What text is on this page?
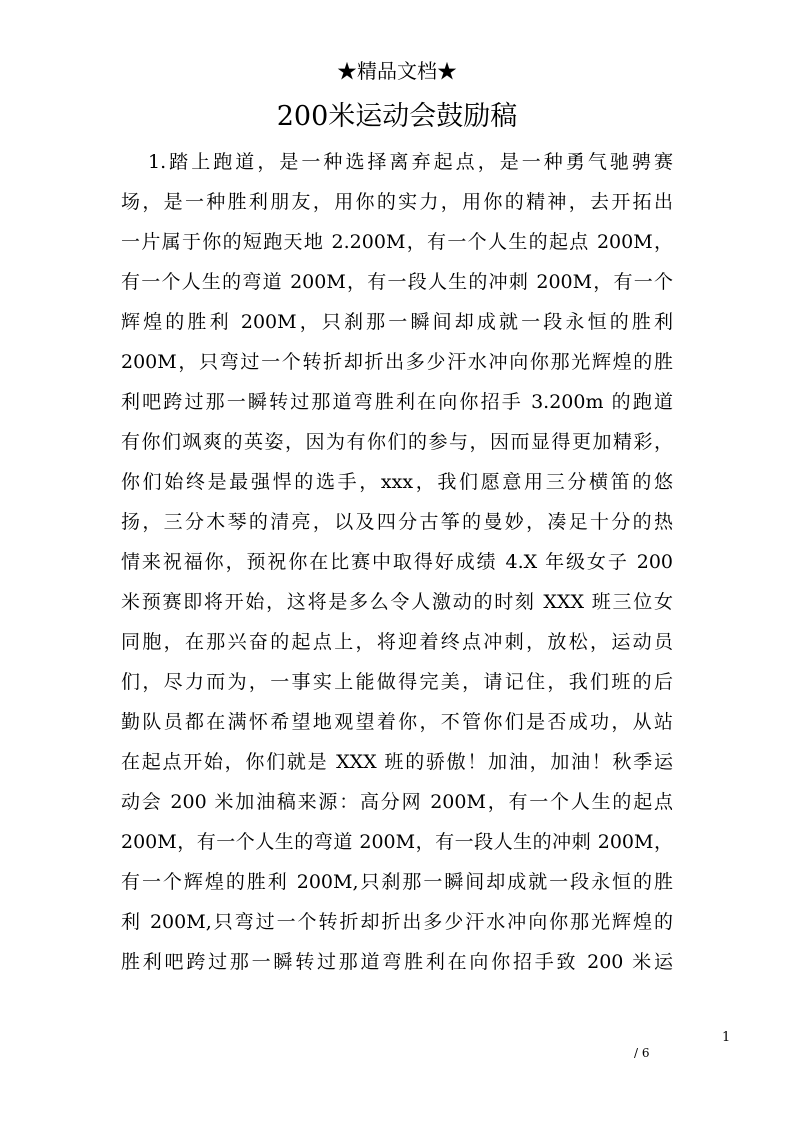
★精品文档★
200米运动会鼓励稿
1.踏上跑道，是一种选择离弃起点，是一种勇气驰骋赛
场，是一种胜利朋友，用你的实力，用你的精神，去开拓出
一片属于你的短跑天地 2.200M，有一个人生的起点 200M，
有一个人生的弯道 200M，有一段人生的冲刺 200M，有一个
辉煌的胜利 200M，只刹那一瞬间却成就一段永恒的胜利
200M，只弯过一个转折却折出多少汗水冲向你那光辉煌的胜
利吧跨过那一瞬转过那道弯胜利在向你招手 3.200m 的跑道
有你们飒爽的英姿，因为有你们的参与，因而显得更加精彩，
你们始终是最强悍的选手，xxx，我们愿意用三分横笛的悠
扬，三分木琴的清亮，以及四分古筝的曼妙，凑足十分的热
情来祝福你，预祝你在比赛中取得好成绩 4.X 年级女子 200
米预赛即将开始，这将是多么令人激动的时刻 XXX 班三位女
同胞，在那兴奋的起点上，将迎着终点冲刺，放松，运动员
们，尽力而为，一事实上能做得完美，请记住，我们班的后
勤队员都在满怀希望地观望着你，不管你们是否成功，从站
在起点开始，你们就是 XXX 班的骄傲！加油，加油！秋季运
动会 200 米加油稿来源：高分网 200M，有一个人生的起点
200M，有一个人生的弯道 200M，有一段人生的冲刺 200M，
有一个辉煌的胜利 200M,只刹那一瞬间却成就一段永恒的胜
利 200M,只弯过一个转折却折出多少汗水冲向你那光辉煌的
胜利吧跨过那一瞬转过那道弯胜利在向你招手致 200 米运
1
/ 6
